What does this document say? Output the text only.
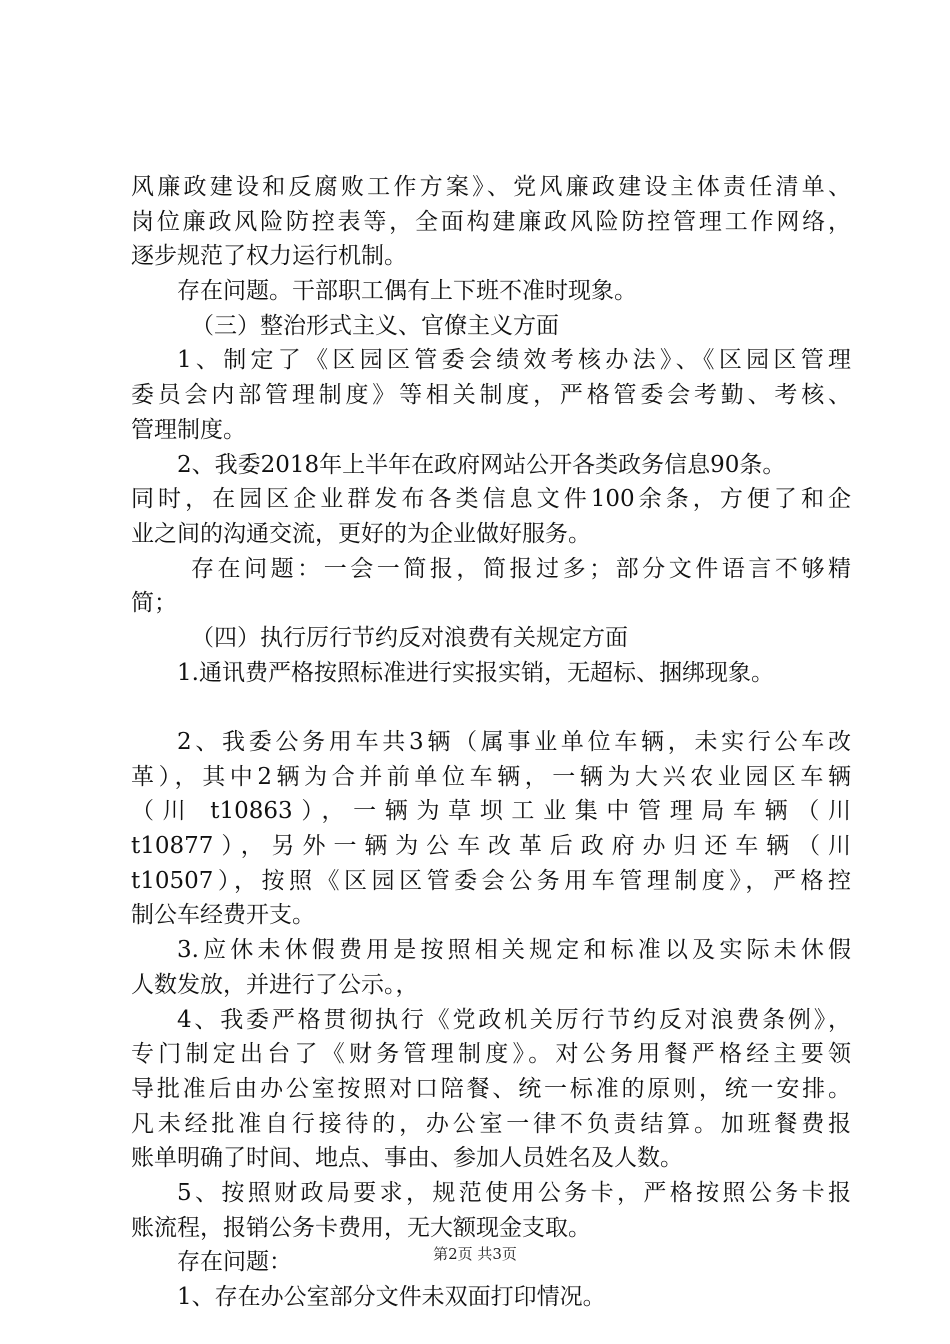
风廉政建设和反腐败工作方案》、党风廉政建设主体责任清单、
岗位廉政风险防控表等，全面构建廉政风险防控管理工作网络，
逐步规范了权力运行机制。
存在问题。干部职工偶有上下班不准时现象。
（三）整治形式主义、官僚主义方面
1、制定了《区园区管委会绩效考核办法》、《区园区管理
委员会内部管理制度》等相关制度，严格管委会考勤、考核、
管理制度。
2、我委2018年上半年在政府网站公开各类政务信息90条。
同时，在园区企业群发布各类信息文件100余条，方便了和企
业之间的沟通交流，更好的为企业做好服务。
存在问题：一会一简报，简报过多；部分文件语言不够精
简；
（四）执行厉行节约反对浪费有关规定方面
1.通讯费严格按照标准进行实报实销，无超标、捆绑现象。
2、我委公务用车共3辆（属事业单位车辆，未实行公车改
革），其中2辆为合并前单位车辆，一辆为大兴农业园区车辆
（川 t10863），一辆为草坝工业集中管理局车辆（川
t10877），另外一辆为公车改革后政府办归还车辆（川
t10507），按照《区园区管委会公务用车管理制度》，严格控
制公车经费开支。
3.应休未休假费用是按照相关规定和标准以及实际未休假
人数发放，并进行了公示。，
4、我委严格贯彻执行《党政机关厉行节约反对浪费条例》，
专门制定出台了《财务管理制度》。对公务用餐严格经主要领
导批准后由办公室按照对口陪餐、统一标准的原则，统一安排。
凡未经批准自行接待的，办公室一律不负责结算。加班餐费报
账单明确了时间、地点、事由、参加人员姓名及人数。
5、按照财政局要求，规范使用公务卡，严格按照公务卡报
账流程，报销公务卡费用，无大额现金支取。
存在问题：
1、存在办公室部分文件未双面打印情况。
第2页 共3页
